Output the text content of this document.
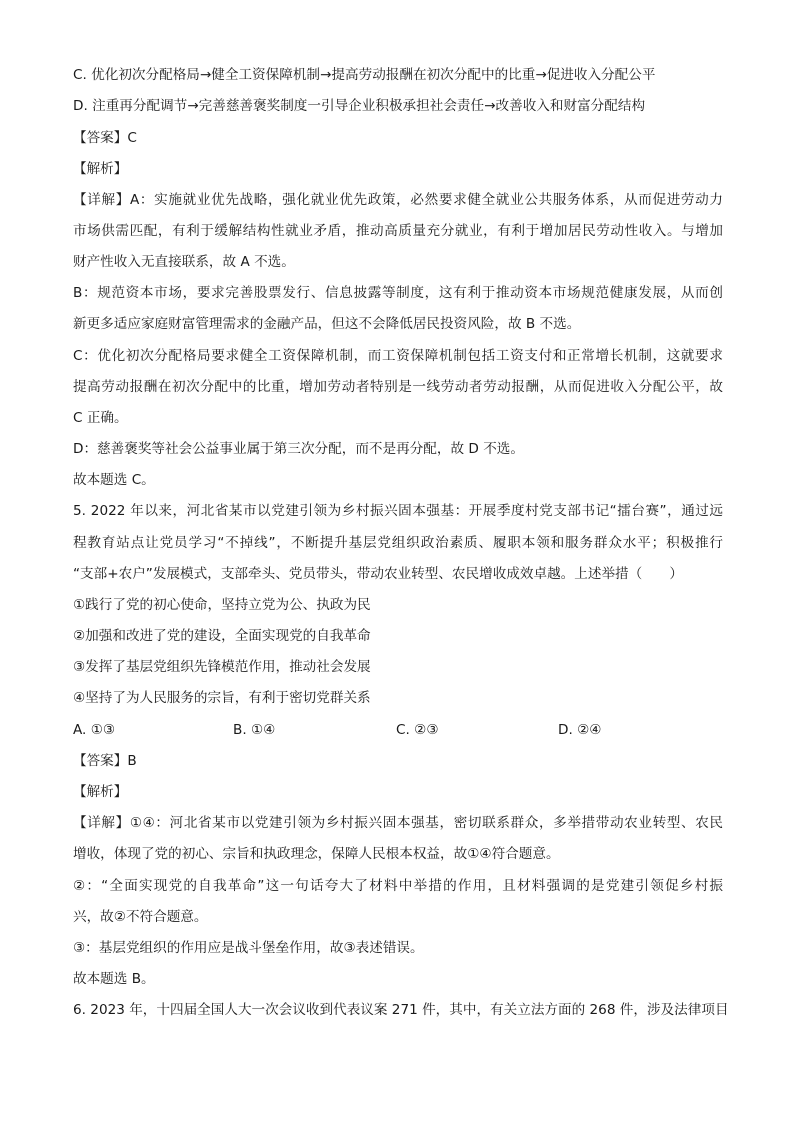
C. 优化初次分配格局→健全工资保障机制→提高劳动报酬在初次分配中的比重→促进收入分配公平
D. 注重再分配调节→完善慈善褒奖制度一引导企业积极承担社会责任→改善收入和财富分配结构
【答案】C
【解析】
【详解】A：实施就业优先战略，强化就业优先政策，必然要求健全就业公共服务体系，从而促进劳动力
市场供需匹配，有利于缓解结构性就业矛盾，推动高质量充分就业，有利于增加居民劳动性收入。与增加
财产性收入无直接联系，故 A 不选。
B：规范资本市场，要求完善股票发行、信息披露等制度，这有利于推动资本市场规范健康发展，从而创
新更多适应家庭财富管理需求的金融产品，但这不会降低居民投资风险，故 B 不选。
C：优化初次分配格局要求健全工资保障机制，而工资保障机制包括工资支付和正常增长机制，这就要求
提高劳动报酬在初次分配中的比重，增加劳动者特别是一线劳动者劳动报酬，从而促进收入分配公平，故
C 正确。
D：慈善褒奖等社会公益事业属于第三次分配，而不是再分配，故 D 不选。
故本题选 C。
5. 2022 年以来，河北省某市以党建引领为乡村振兴固本强基：开展季度村党支部书记“擂台赛”，通过远
程教育站点让党员学习“不掉线”，不断提升基层党组织政治素质、履职本领和服务群众水平；积极推行
“支部+农户”发展模式，支部牵头、党员带头，带动农业转型、农民增收成效卓越。上述举措（　　）
①践行了党的初心使命，坚持立党为公、执政为民
②加强和改进了党的建设，全面实现党的自我革命
③发挥了基层党组织先锋模范作用，推动社会发展
④坚持了为人民服务的宗旨，有利于密切党群关系
A. ①③	B. ①④	C. ②③	D. ②④
【答案】B
【解析】
【详解】①④：河北省某市以党建引领为乡村振兴固本强基，密切联系群众，多举措带动农业转型、农民
增收，体现了党的初心、宗旨和执政理念，保障人民根本权益，故①④符合题意。
②：“全面实现党的自我革命”这一句话夸大了材料中举措的作用，且材料强调的是党建引领促乡村振
兴，故②不符合题意。
③：基层党组织的作用应是战斗堡垒作用，故③表述错误。
故本题选 B。
6. 2023 年，十四届全国人大一次会议收到代表议案 271 件，其中，有关立法方面的 268 件，涉及法律项目
